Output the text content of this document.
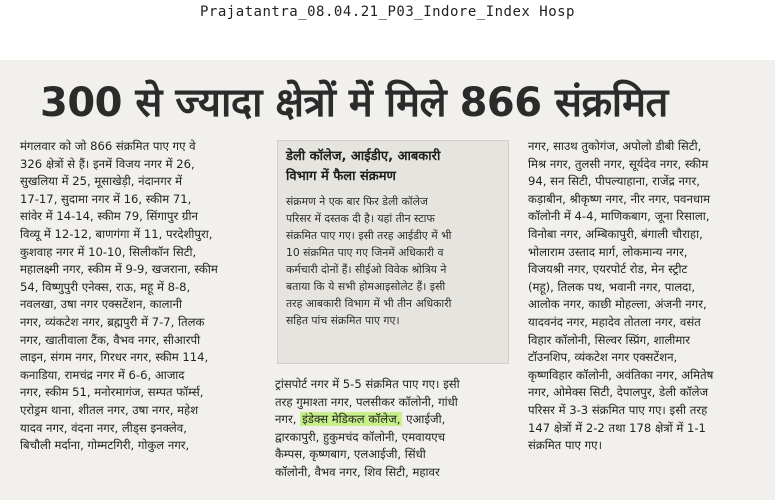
Prajatantra_08.04.21_P03_Indore_Index Hosp
300 से ज्यादा क्षेत्रों में मिले 866 संक्रमित

मंगलवार को जो 866 संक्रमित पाए गए वे

326 क्षेत्रों से हैं। इनमें विजय नगर में 26,

सुखलिया में 25, मूसाखेड़ी, नंदानगर में

17-17, सुदामा नगर में 16, स्कीम 71,

सांवेर में 14-14, स्कीम 79, सिंगापुर ग्रीन

विव्यू में 12-12, बाणगंगा में 11, परदेशीपुरा,

कुशवाह नगर में 10-10, सिलीकॉन सिटी,

महालक्ष्मी नगर, स्कीम में 9-9, खजराना, स्कीम

54, विष्णुपुरी एनेक्स, राऊ, महू में 8-8,

नवलखा, उषा नगर एक्सटेंशन, कालानी

नगर, व्यंकटेश नगर, ब्रह्मपुरी में 7-7, तिलक

नगर, खातीवाला टैंक, वैभव नगर, सीआरपी

लाइन, संगम नगर, गिरधर नगर, स्कीम 114,

कनाडिया, रामचंद्र नगर में 6-6, आजाद

नगर, स्कीम 51, मनोरमागंज, सम्पत फॉर्म्स,

एरोड्रम थाना, शीतल नगर, उषा नगर, महेश

यादव नगर, वंदना नगर, लीड्स इनक्लेव,

बिचौली मर्दाना, गोम्मटगिरी, गोकुल नगर,

डेली कॉलेज, आईडीए, आबकारी

विभाग में फैला संक्रमण

संक्रमण ने एक बार फिर डेली कॉलेज

परिसर में दस्तक दी है। यहां तीन स्टाफ

संक्रमित पाए गए। इसी तरह आईडीए में भी

10 संक्रमित पाए गए जिनमें अधिकारी व

कर्मचारी दोनों हैं। सीईओ विवेक श्रोत्रिय ने

बताया कि ये सभी होमआइसोलेट हैं। इसी

तरह आबकारी विभाग में भी तीन अधिकारी

सहित पांच संक्रमित पाए गए।

ट्रांसपोर्ट नगर में 5-5 संक्रमित पाए गए। इसी

तरह गुमाश्ता नगर, पलसीकर कॉलोनी, गांधी

नगर, इंडेक्स मेडिकल कॉलेज, एआईजी,

द्वारकापुरी, हुकुमचंद कॉलोनी, एमवायएच

कैम्पस, कृष्णबाग, एलआईजी, सिंधी

कॉलोनी, वैभव नगर, शिव सिटी, महावर

नगर, साउथ तुकोगंज, अपोलो डीबी सिटी,

मिश्र नगर, तुलसी नगर, सूर्यदेव नगर, स्कीम

94, सन सिटी, पीपल्याहाना, राजेंद्र नगर,

कड़ाबीन, श्रीकृष्ण नगर, नीर नगर, पवनधाम

कॉलोनी में 4-4, माणिकबाग, जूना रिसाला,

विनोबा नगर, अम्बिकापुरी, बंगाली चौराहा,

भोलाराम उस्ताद मार्ग, लोकमान्य नगर,

विजयश्री नगर, एयरपोर्ट रोड, मेन स्ट्रीट

(महू), तिलक पथ, भवानी नगर, पालदा,

आलोक नगर, काछी मोहल्ला, अंजनी नगर,

यादवनंद नगर, महादेव तोतला नगर, वसंत

विहार कॉलोनी, सिल्वर स्प्रिंग, शालीमार

टॉउनशिप, व्यंकटेश नगर एक्सटेंशन,

कृष्णविहार कॉलोनी, अवंतिका नगर, अमितेष

नगर, ओमेक्स सिटी, देपालपुर, डेली कॉलेज

परिसर में 3-3 संक्रमित पाए गए। इसी तरह

147 क्षेत्रों में 2-2 तथा 178 क्षेत्रों में 1-1

संक्रमित पाए गए।
